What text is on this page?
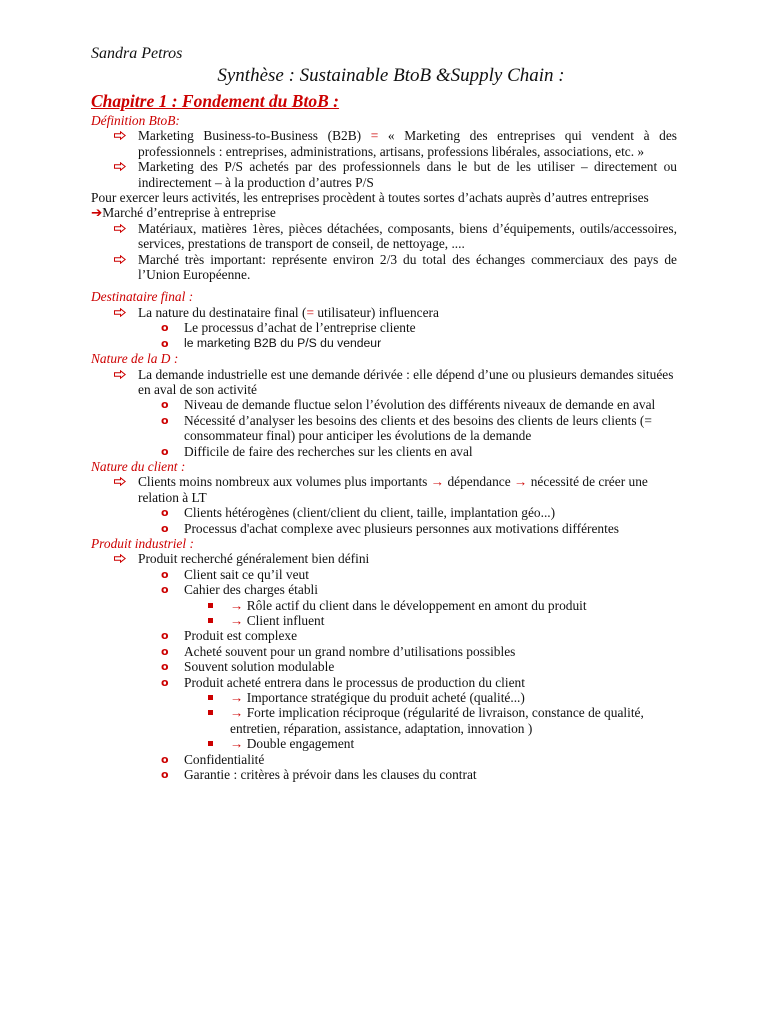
Sandra Petros

Synthèse : Sustainable BtoB &Supply Chain :

Chapitre 1 : Fondement du BtoB :

Définition BtoB:

Marketing Business-to-Business (B2B) = « Marketing des entreprises qui vendent à des professionnels : entreprises, administrations, artisans, professions libérales, associations, etc. »
Marketing des P/S achetés par des professionnels dans le but de les utiliser – directement ou indirectement – à la production d’autres P/S

Pour exercer leurs activités, les entreprises procèdent à toutes sortes d’achats auprès d’autres entreprises

➔Marché d’entreprise à entreprise

Matériaux, matières 1ères, pièces détachées, composants, biens d’équipements, outils/accessoires, services, prestations de transport de conseil, de nettoyage, ....
Marché très important: représente environ 2/3 du total des échanges commerciaux des pays de l’Union Européenne.

Destinataire final :

La nature du destinataire final (= utilisateur) influencera
o Le processus d’achat de l’entreprise cliente
o le marketing B2B du P/S du vendeur

Nature de la D :

La demande industrielle est une demande dérivée : elle dépend d’une ou plusieurs demandes situées en aval de son activité
o Niveau de demande fluctue selon l’évolution des différents niveaux de demande en aval
o Nécessité d’analyser les besoins des clients et des besoins des clients de leurs clients (= consommateur final) pour anticiper les évolutions de la demande
o Difficile de faire des recherches sur les clients en aval

Nature du client :

Clients moins nombreux aux volumes plus importants → dépendance → nécessité de créer une relation à LT
o Clients hétérogènes (client/client du client, taille, implantation géo...)
o Processus d'achat complexe avec plusieurs personnes aux motivations différentes

Produit industriel :

Produit recherché généralement bien défini
o Client sait ce qu’il veut
o Cahier des charges établi
→ Rôle actif du client dans le développement en amont du produit
→ Client influent
o Produit est complexe
o Acheté souvent pour un grand nombre d’utilisations possibles
o Souvent solution modulable
o Produit acheté entrera dans le processus de production du client
→ Importance stratégique du produit acheté (qualité...)
→ Forte implication réciproque (régularité de livraison, constance de qualité, entretien, réparation, assistance, adaptation, innovation )
→ Double engagement
o Confidentialité
o Garantie : critères à prévoir dans les clauses du contrat
